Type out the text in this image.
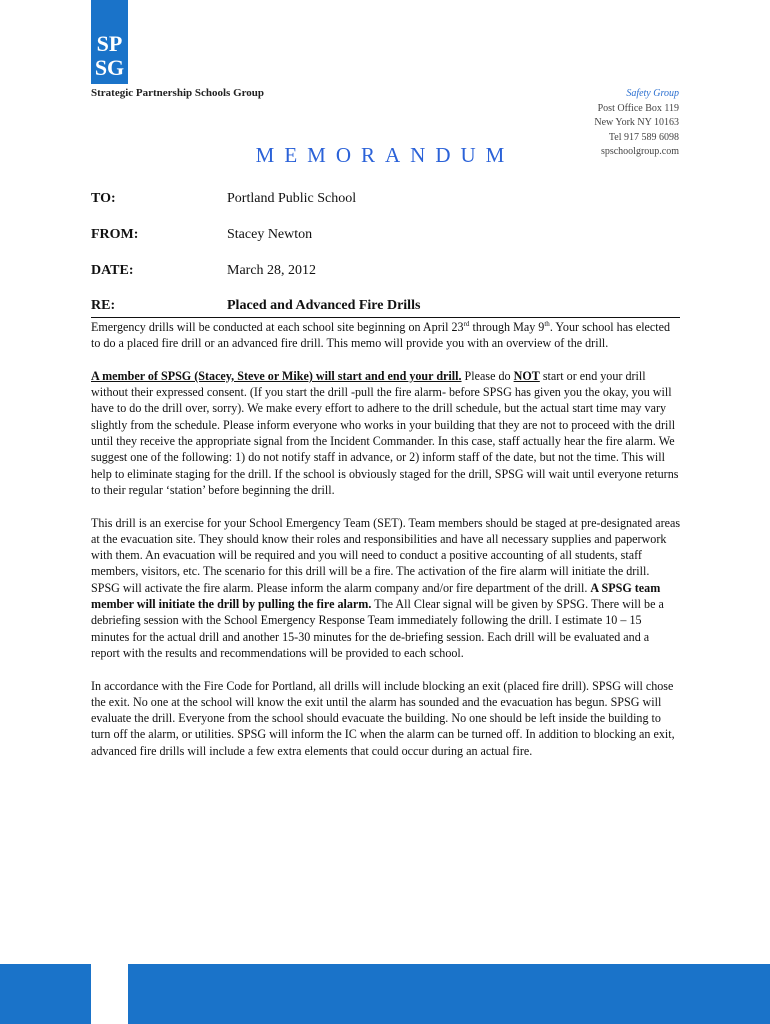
SP
SG
Strategic Partnership Schools Group	Safety Group
Post Office Box 119
New York NY 10163
Tel 917 589 6098
spschoolgroup.com
MEMORANDUM
TO:	Portland Public School
FROM:	Stacey Newton
DATE:	March 28, 2012
RE:	Placed and Advanced Fire Drills

Emergency drills will be conducted at each school site beginning on April 23rd through May 9th. Your school has elected to do a placed fire drill or an advanced fire drill. This memo will provide you with an overview of the drill.

A member of SPSG (Stacey, Steve or Mike) will start and end your drill. Please do NOT start or end your drill without their expressed consent. (If you start the drill -pull the fire alarm- before SPSG has given you the okay, you will have to do the drill over, sorry). We make every effort to adhere to the drill schedule, but the actual start time may vary slightly from the schedule. Please inform everyone who works in your building that they are not to proceed with the drill until they receive the appropriate signal from the Incident Commander. In this case, staff actually hear the fire alarm. We suggest one of the following: 1) do not notify staff in advance, or 2) inform staff of the date, but not the time. This will help to eliminate staging for the drill. If the school is obviously staged for the drill, SPSG will wait until everyone returns to their regular ‘station’ before beginning the drill.

This drill is an exercise for your School Emergency Team (SET). Team members should be staged at pre-designated areas at the evacuation site. They should know their roles and responsibilities and have all necessary supplies and paperwork with them. An evacuation will be required and you will need to conduct a positive accounting of all students, staff members, visitors, etc. The scenario for this drill will be a fire. The activation of the fire alarm will initiate the drill. SPSG will activate the fire alarm. Please inform the alarm company and/or fire department of the drill. A SPSG team member will initiate the drill by pulling the fire alarm. The All Clear signal will be given by SPSG. There will be a debriefing session with the School Emergency Response Team immediately following the drill. I estimate 10 – 15 minutes for the actual drill and another 15-30 minutes for the de-briefing session. Each drill will be evaluated and a report with the results and recommendations will be provided to each school.

In accordance with the Fire Code for Portland, all drills will include blocking an exit (placed fire drill). SPSG will chose the exit. No one at the school will know the exit until the alarm has sounded and the evacuation has begun. SPSG will evaluate the drill. Everyone from the school should evacuate the building. No one should be left inside the building to turn off the alarm, or utilities. SPSG will inform the IC when the alarm can be turned off. In addition to blocking an exit, advanced fire drills will include a few extra elements that could occur during an actual fire.
